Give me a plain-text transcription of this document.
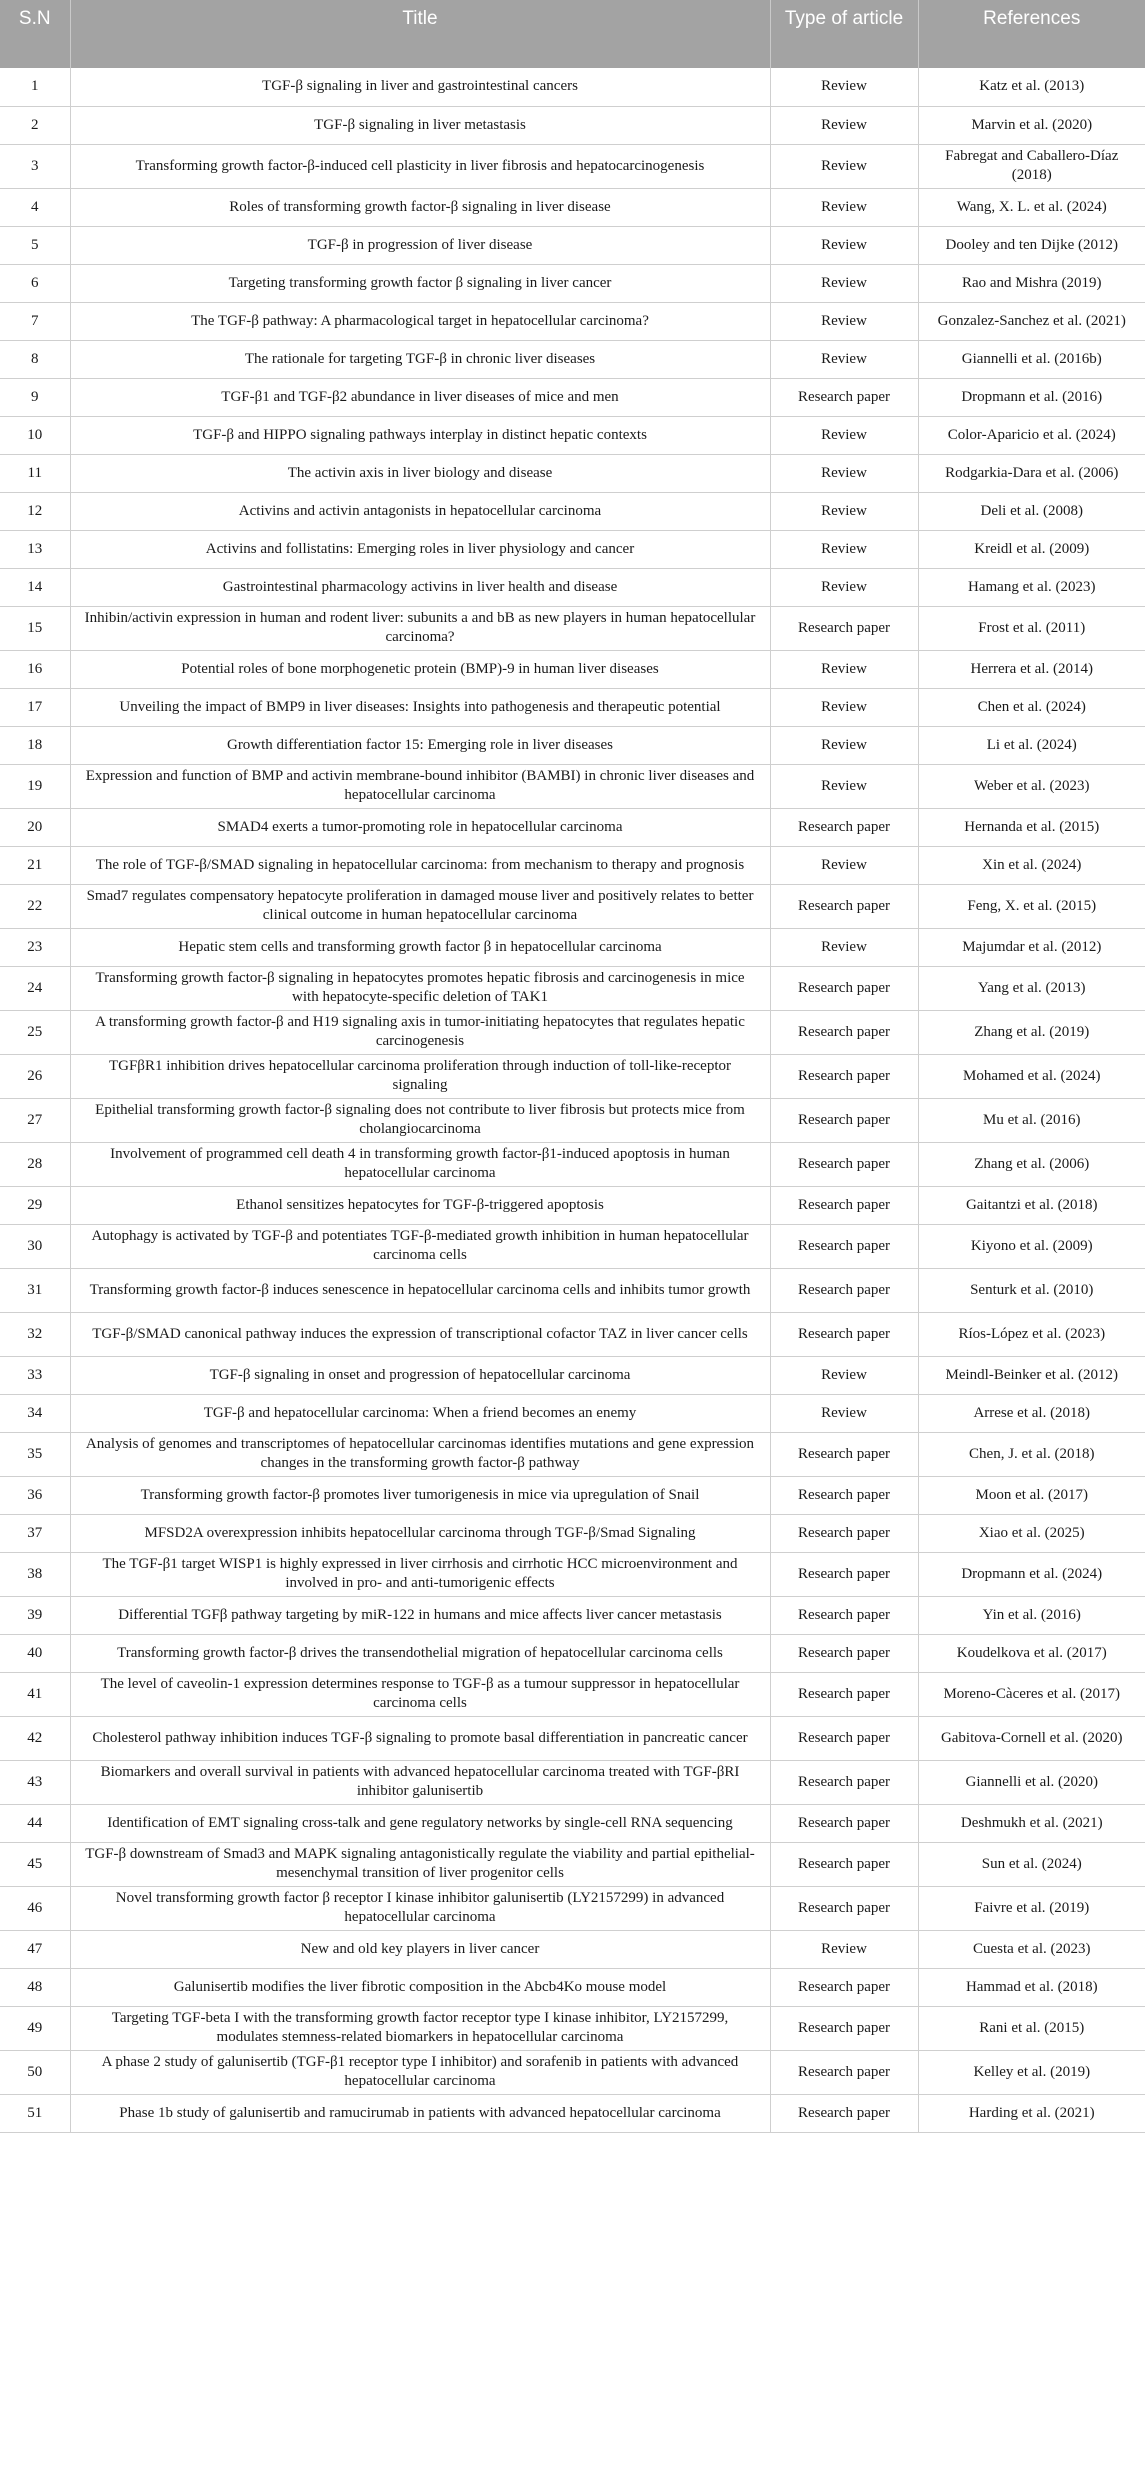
S.N	Title	Type of article	References
1	TGF-β signaling in liver and gastrointestinal cancers	Review	Katz et al. (2013)
2	TGF-β signaling in liver metastasis	Review	Marvin et al. (2020)
3	Transforming growth factor-β-induced cell plasticity in liver fibrosis and hepatocarcinogenesis	Review	Fabregat and Caballero-Díaz (2018)
4	Roles of transforming growth factor-β signaling in liver disease	Review	Wang, X. L. et al. (2024)
5	TGF-β in progression of liver disease	Review	Dooley and ten Dijke (2012)
6	Targeting transforming growth factor β signaling in liver cancer	Review	Rao and Mishra (2019)
7	The TGF-β pathway: A pharmacological target in hepatocellular carcinoma?	Review	Gonzalez-Sanchez et al. (2021)
8	The rationale for targeting TGF-β in chronic liver diseases	Review	Giannelli et al. (2016b)
9	TGF-β1 and TGF-β2 abundance in liver diseases of mice and men	Research paper	Dropmann et al. (2016)
10	TGF-β and HIPPO signaling pathways interplay in distinct hepatic contexts	Review	Color-Aparicio et al. (2024)
11	The activin axis in liver biology and disease	Review	Rodgarkia-Dara et al. (2006)
12	Activins and activin antagonists in hepatocellular carcinoma	Review	Deli et al. (2008)
13	Activins and follistatins: Emerging roles in liver physiology and cancer	Review	Kreidl et al. (2009)
14	Gastrointestinal pharmacology activins in liver health and disease	Review	Hamang et al. (2023)
15	Inhibin/activin expression in human and rodent liver: subunits a and bB as new players in human hepatocellular carcinoma?	Research paper	Frost et al. (2011)
16	Potential roles of bone morphogenetic protein (BMP)-9 in human liver diseases	Review	Herrera et al. (2014)
17	Unveiling the impact of BMP9 in liver diseases: Insights into pathogenesis and therapeutic potential	Review	Chen et al. (2024)
18	Growth differentiation factor 15: Emerging role in liver diseases	Review	Li et al. (2024)
19	Expression and function of BMP and activin membrane-bound inhibitor (BAMBI) in chronic liver diseases and hepatocellular carcinoma	Review	Weber et al. (2023)
20	SMAD4 exerts a tumor-promoting role in hepatocellular carcinoma	Research paper	Hernanda et al. (2015)
21	The role of TGF-β/SMAD signaling in hepatocellular carcinoma: from mechanism to therapy and prognosis	Review	Xin et al. (2024)
22	Smad7 regulates compensatory hepatocyte proliferation in damaged mouse liver and positively relates to better clinical outcome in human hepatocellular carcinoma	Research paper	Feng, X. et al. (2015)
23	Hepatic stem cells and transforming growth factor β in hepatocellular carcinoma	Review	Majumdar et al. (2012)
24	Transforming growth factor-β signaling in hepatocytes promotes hepatic fibrosis and carcinogenesis in mice with hepatocyte-specific deletion of TAK1	Research paper	Yang et al. (2013)
25	A transforming growth factor-β and H19 signaling axis in tumor-initiating hepatocytes that regulates hepatic carcinogenesis	Research paper	Zhang et al. (2019)
26	TGFβR1 inhibition drives hepatocellular carcinoma proliferation through induction of toll-like-receptor signaling	Research paper	Mohamed et al. (2024)
27	Epithelial transforming growth factor-β signaling does not contribute to liver fibrosis but protects mice from cholangiocarcinoma	Research paper	Mu et al. (2016)
28	Involvement of programmed cell death 4 in transforming growth factor-β1-induced apoptosis in human hepatocellular carcinoma	Research paper	Zhang et al. (2006)
29	Ethanol sensitizes hepatocytes for TGF-β-triggered apoptosis	Research paper	Gaitantzi et al. (2018)
30	Autophagy is activated by TGF-β and potentiates TGF-β-mediated growth inhibition in human hepatocellular carcinoma cells	Research paper	Kiyono et al. (2009)
31	Transforming growth factor-β induces senescence in hepatocellular carcinoma cells and inhibits tumor growth	Research paper	Senturk et al. (2010)
32	TGF-β/SMAD canonical pathway induces the expression of transcriptional cofactor TAZ in liver cancer cells	Research paper	Ríos-López et al. (2023)
33	TGF-β signaling in onset and progression of hepatocellular carcinoma	Review	Meindl-Beinker et al. (2012)
34	TGF-β and hepatocellular carcinoma: When a friend becomes an enemy	Review	Arrese et al. (2018)
35	Analysis of genomes and transcriptomes of hepatocellular carcinomas identifies mutations and gene expression changes in the transforming growth factor-β pathway	Research paper	Chen, J. et al. (2018)
36	Transforming growth factor-β promotes liver tumorigenesis in mice via upregulation of Snail	Research paper	Moon et al. (2017)
37	MFSD2A overexpression inhibits hepatocellular carcinoma through TGF-β/Smad Signaling	Research paper	Xiao et al. (2025)
38	The TGF-β1 target WISP1 is highly expressed in liver cirrhosis and cirrhotic HCC microenvironment and involved in pro- and anti-tumorigenic effects	Research paper	Dropmann et al. (2024)
39	Differential TGFβ pathway targeting by miR-122 in humans and mice affects liver cancer metastasis	Research paper	Yin et al. (2016)
40	Transforming growth factor-β drives the transendothelial migration of hepatocellular carcinoma cells	Research paper	Koudelkova et al. (2017)
41	The level of caveolin-1 expression determines response to TGF-β as a tumour suppressor in hepatocellular carcinoma cells	Research paper	Moreno-Càceres et al. (2017)
42	Cholesterol pathway inhibition induces TGF-β signaling to promote basal differentiation in pancreatic cancer	Research paper	Gabitova-Cornell et al. (2020)
43	Biomarkers and overall survival in patients with advanced hepatocellular carcinoma treated with TGF-βRI inhibitor galunisertib	Research paper	Giannelli et al. (2020)
44	Identification of EMT signaling cross-talk and gene regulatory networks by single-cell RNA sequencing	Research paper	Deshmukh et al. (2021)
45	TGF-β downstream of Smad3 and MAPK signaling antagonistically regulate the viability and partial epithelial-mesenchymal transition of liver progenitor cells	Research paper	Sun et al. (2024)
46	Novel transforming growth factor β receptor I kinase inhibitor galunisertib (LY2157299) in advanced hepatocellular carcinoma	Research paper	Faivre et al. (2019)
47	New and old key players in liver cancer	Review	Cuesta et al. (2023)
48	Galunisertib modifies the liver fibrotic composition in the Abcb4Ko mouse model	Research paper	Hammad et al. (2018)
49	Targeting TGF-beta I with the transforming growth factor receptor type I kinase inhibitor, LY2157299, modulates stemness-related biomarkers in hepatocellular carcinoma	Research paper	Rani et al. (2015)
50	A phase 2 study of galunisertib (TGF-β1 receptor type I inhibitor) and sorafenib in patients with advanced hepatocellular carcinoma	Research paper	Kelley et al. (2019)
51	Phase 1b study of galunisertib and ramucirumab in patients with advanced hepatocellular carcinoma	Research paper	Harding et al. (2021)
